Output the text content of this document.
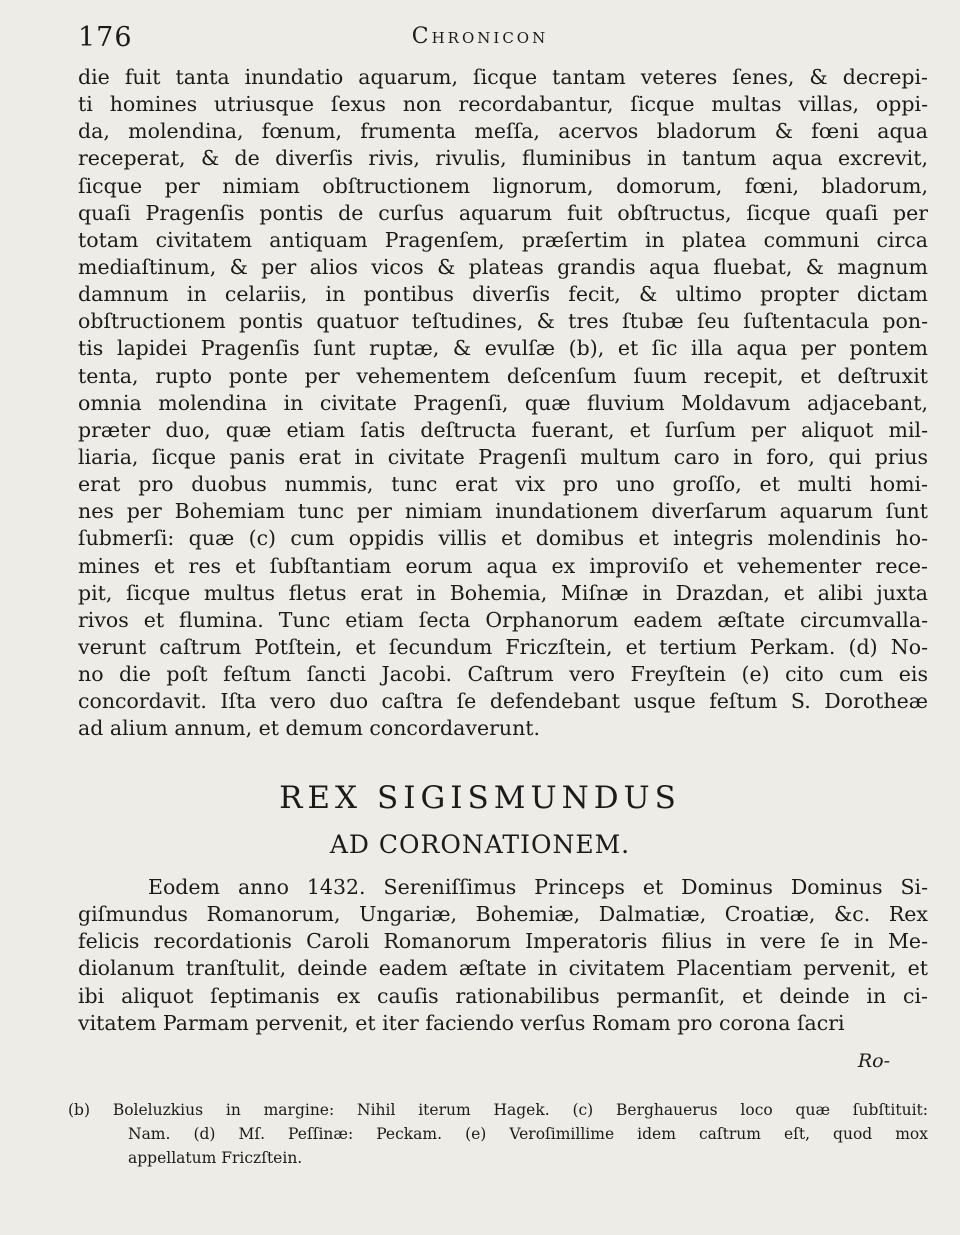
176	Chronicon
die fuit tanta inundatio aquarum, ſicque tantam veteres ſenes, & decrepi-
ti homines utriusque ſexus non recordabantur, ſicque multas villas, oppi-
da, molendina, fœnum, frumenta meſſa, acervos bladorum & fœni aqua
receperat, & de diverſis rivis, rivulis, fluminibus in tantum aqua excrevit,
ſicque per nimiam obſtructionem lignorum, domorum, fœni, bladorum,
quaſi Pragenſis pontis de curſus aquarum fuit obſtructus, ſicque quaſi per
totam civitatem antiquam Pragenſem, præſertim in platea communi circa
mediaſtinum, & per alios vicos & plateas grandis aqua fluebat, & magnum
damnum in celariis, in pontibus diverſis fecit, & ultimo propter dictam
obſtructionem pontis quatuor teſtudines, & tres ſtubæ ſeu ſuſtentacula pon-
tis lapidei Pragenſis ſunt ruptæ, & evulſæ (b), et ſic illa aqua per pontem
tenta, rupto ponte per vehementem deſcenſum ſuum recepit, et deſtruxit
omnia molendina in civitate Pragenſi, quæ fluvium Moldavum adjacebant,
præter duo, quæ etiam ſatis deſtructa fuerant, et ſurſum per aliquot mil-
liaria, ſicque panis erat in civitate Pragenſi multum caro in foro, qui prius
erat pro duobus nummis, tunc erat vix pro uno groſſo, et multi homi-
nes per Bohemiam tunc per nimiam inundationem diverſarum aquarum ſunt
ſubmerſi: quæ (c) cum oppidis villis et domibus et integris molendinis ho-
mines et res et ſubſtantiam eorum aqua ex improviſo et vehementer rece-
pit, ſicque multus fletus erat in Bohemia, Miſnæ in Drazdan, et alibi juxta
rivos et flumina. Tunc etiam ſecta Orphanorum eadem æſtate circumvalla-
verunt caſtrum Potſtein, et ſecundum Friczſtein, et tertium Perkam. (d) No-
no die poſt feſtum ſancti Jacobi. Caſtrum vero Freyſtein (e) cito cum eis
concordavit. Iſta vero duo caſtra ſe defendebant usque feſtum S. Dorotheæ
ad alium annum, et demum concordaverunt.
REX SIGISMUNDUS
AD CORONATIONEM.
Eodem anno 1432. Sereniſſimus Princeps et Dominus Dominus Si-
giſmundus Romanorum, Ungariæ, Bohemiæ, Dalmatiæ, Croatiæ, &c. Rex
felicis recordationis Caroli Romanorum Imperatoris filius in vere ſe in Me-
diolanum tranſtulit, deinde eadem æſtate in civitatem Placentiam pervenit, et
ibi aliquot ſeptimanis ex cauſis rationabilibus permanſit, et deinde in ci-
vitatem Parmam pervenit, et iter faciendo verſus Romam pro corona ſacri
Ro-
(b) Boleluzkius in margine: Nihil iterum Hagek. (c) Berghauerus loco quæ ſubſtituit:
Nam. (d) Mſ. Peſſinæ: Peckam. (e) Veroſimillime idem caſtrum eſt, quod mox
appellatum Friczſtein.
